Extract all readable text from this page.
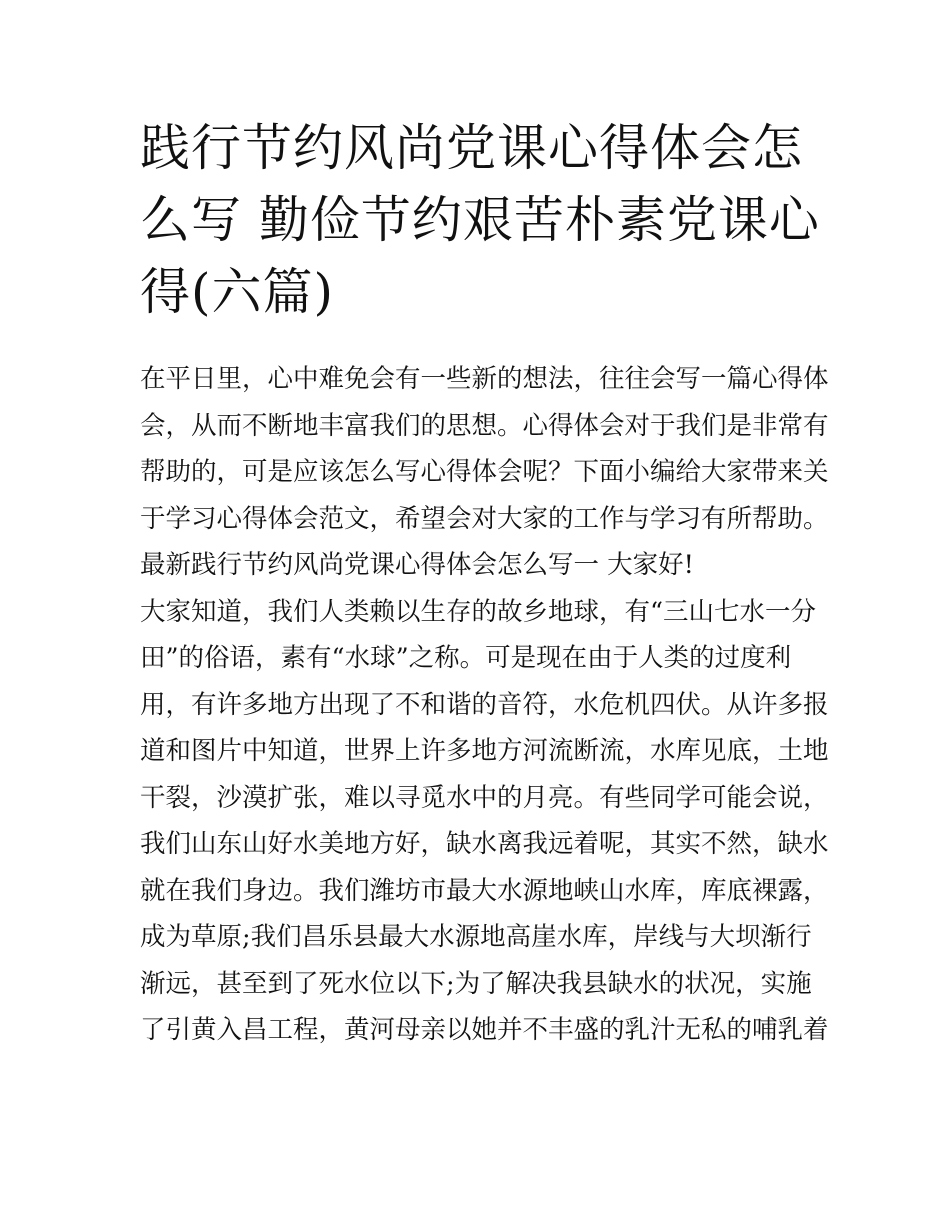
践行节约风尚党课心得体会怎
么写 勤俭节约艰苦朴素党课心
得(六篇)
在平日里，心中难免会有一些新的想法，往往会写一篇心得体
会，从而不断地丰富我们的思想。心得体会对于我们是非常有
帮助的，可是应该怎么写心得体会呢？下面小编给大家带来关
于学习心得体会范文，希望会对大家的工作与学习有所帮助。
最新践行节约风尚党课心得体会怎么写一 大家好!
大家知道，我们人类赖以生存的故乡地球，有“三山七水一分
田”的俗语，素有“水球”之称。可是现在由于人类的过度利
用，有许多地方出现了不和谐的音符，水危机四伏。从许多报
道和图片中知道，世界上许多地方河流断流，水库见底，土地
干裂，沙漠扩张，难以寻觅水中的月亮。有些同学可能会说，
我们山东山好水美地方好，缺水离我远着呢，其实不然，缺水
就在我们身边。我们潍坊市最大水源地峡山水库，库底裸露，
成为草原;我们昌乐县最大水源地高崖水库，岸线与大坝渐行
渐远，甚至到了死水位以下;为了解决我县缺水的状况，实施
了引黄入昌工程，黄河母亲以她并不丰盛的乳汁无私的哺乳着
